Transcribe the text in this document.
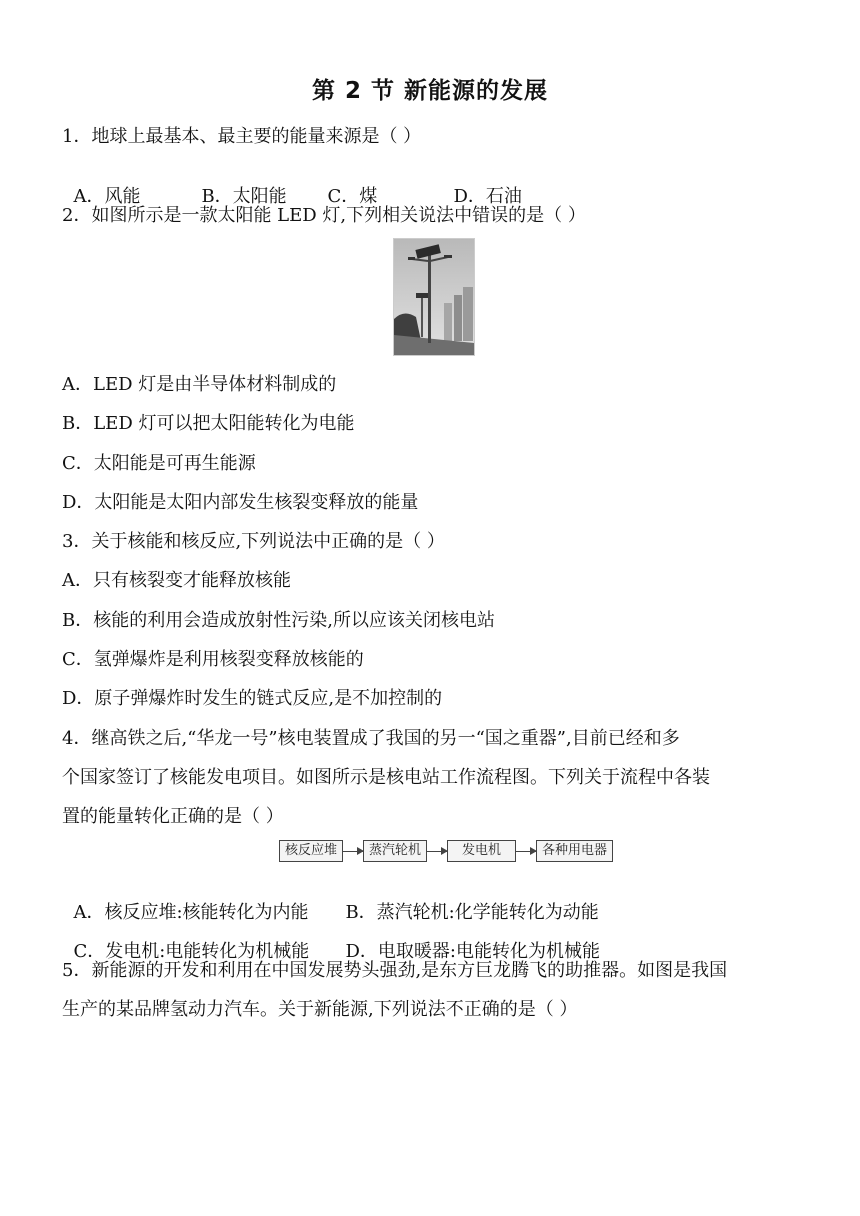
第 2 节 新能源的发展
1．地球上最基本、最主要的能量来源是（ ）

A．风能	B．太阳能 C．煤	D．石油

2．如图所示是一款太阳能 LED 灯,下列相关说法中错误的是（ ）
A．LED 灯是由半导体材料制成的
B．LED 灯可以把太阳能转化为电能
C．太阳能是可再生能源
D．太阳能是太阳内部发生核裂变释放的能量
3．关于核能和核反应,下列说法中正确的是（ ）
A．只有核裂变才能释放核能
B．核能的利用会造成放射性污染,所以应该关闭核电站
C．氢弹爆炸是利用核裂变释放核能的
D．原子弹爆炸时发生的链式反应,是不加控制的
4．继高铁之后,“华龙一号”核电装置成了我国的另一“国之重器”,目前已经和多
个国家签订了核能发电项目。如图所示是核电站工作流程图。下列关于流程中各装
置的能量转化正确的是（ ）
核反应堆	蒸汽轮机	发电机	各种用电器

A．核反应堆:核能转化为内能 B．蒸汽轮机:化学能转化为动能

C．发电机:电能转化为机械能 D．电取暖器:电能转化为机械能

5．新能源的开发和利用在中国发展势头强劲,是东方巨龙腾飞的助推器。如图是我国
生产的某品牌氢动力汽车。关于新能源,下列说法不正确的是（ ）
